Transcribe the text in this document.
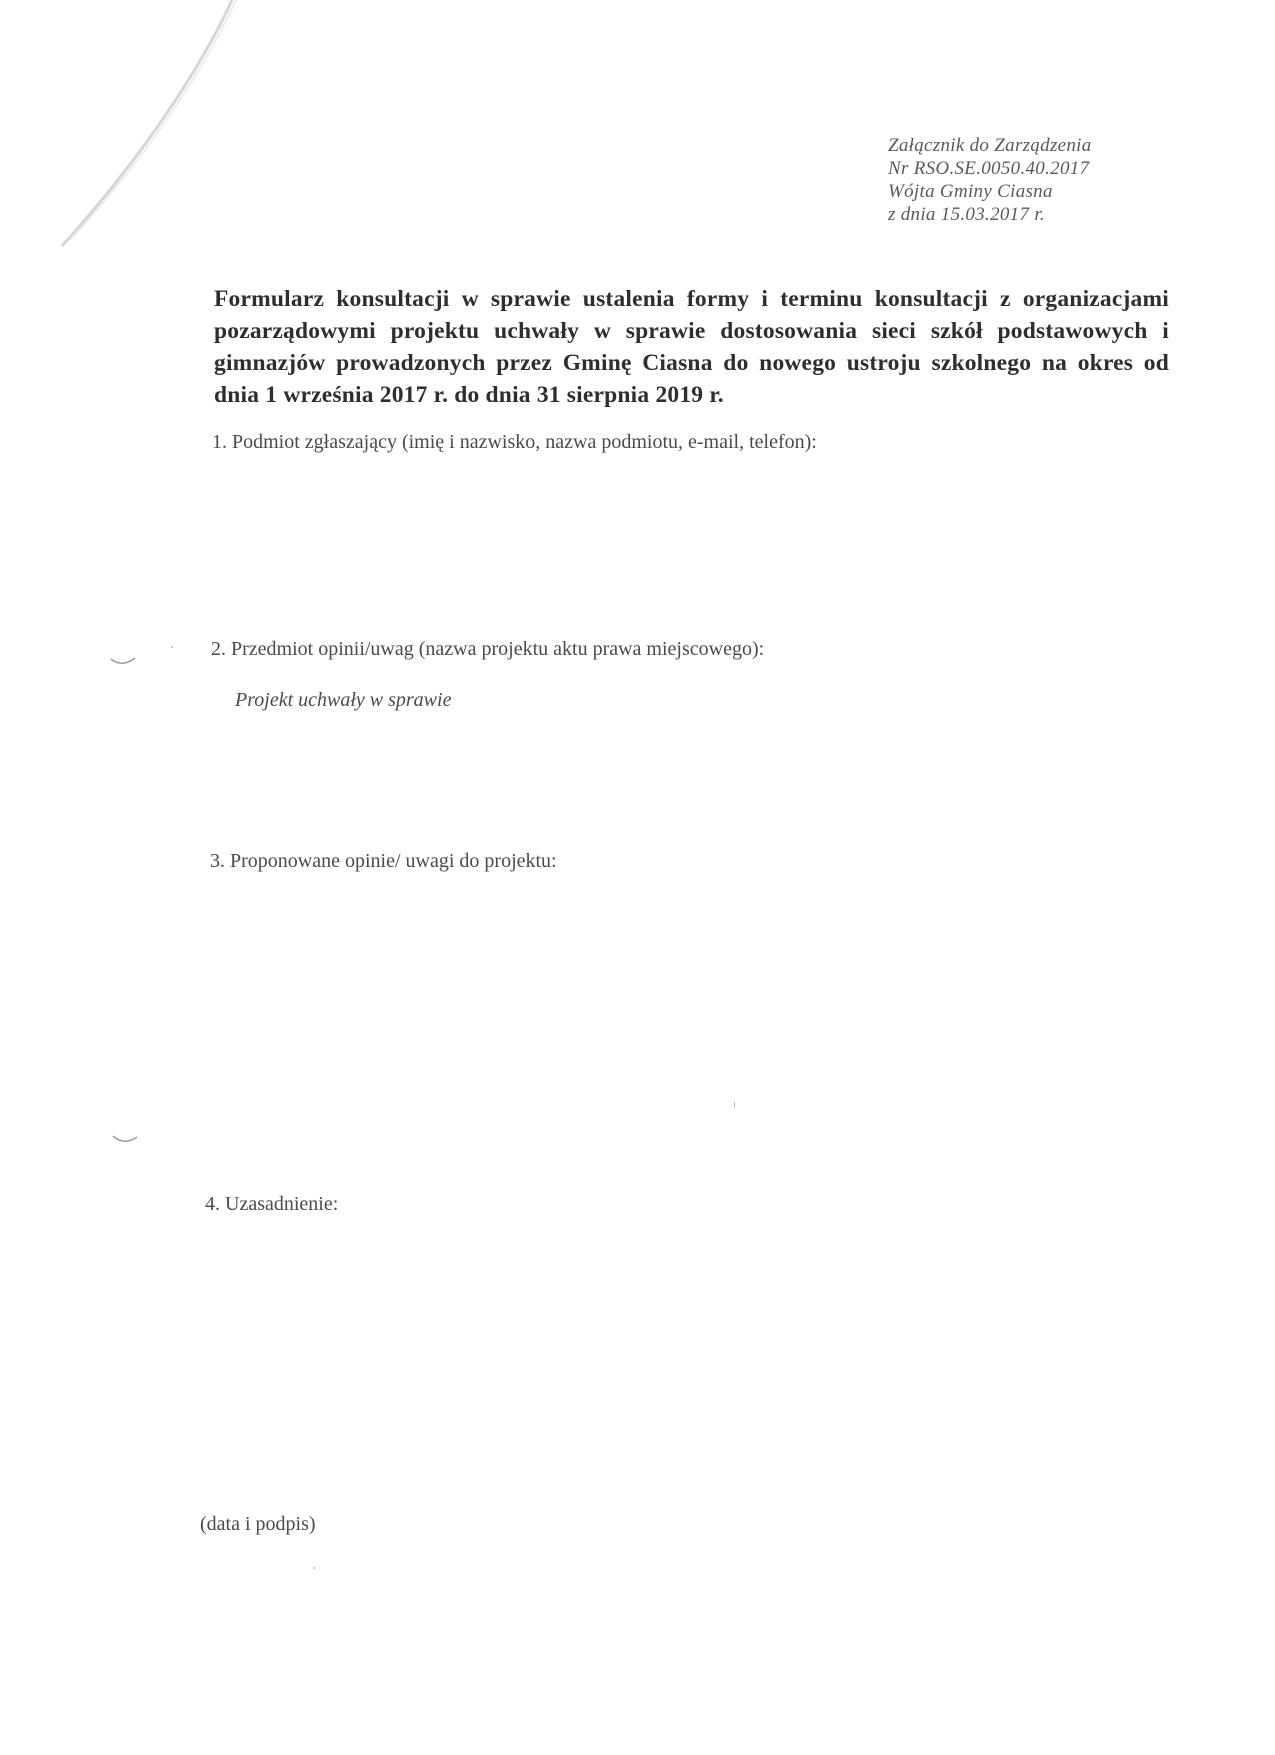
Załącznik do Zarządzenia
Nr RSO.SE.0050.40.2017
Wójta Gminy Ciasna
z dnia 15.03.2017 r.
Formularz konsultacji w sprawie ustalenia formy i terminu konsultacji z organizacjami pozarządowymi projektu uchwały w sprawie dostosowania sieci szkół podstawowych i gimnazjów prowadzonych przez Gminę Ciasna do nowego ustroju szkolnego na okres od dnia 1 września 2017 r. do dnia 31 sierpnia 2019 r.
1. Podmiot zgłaszający (imię i nazwisko, nazwa podmiotu, e-mail, telefon):
2. Przedmiot opinii/uwag (nazwa projektu aktu prawa miejscowego):
Projekt uchwały w sprawie
3. Proponowane opinie/ uwagi do projektu:
4. Uzasadnienie:
(data i podpis)
